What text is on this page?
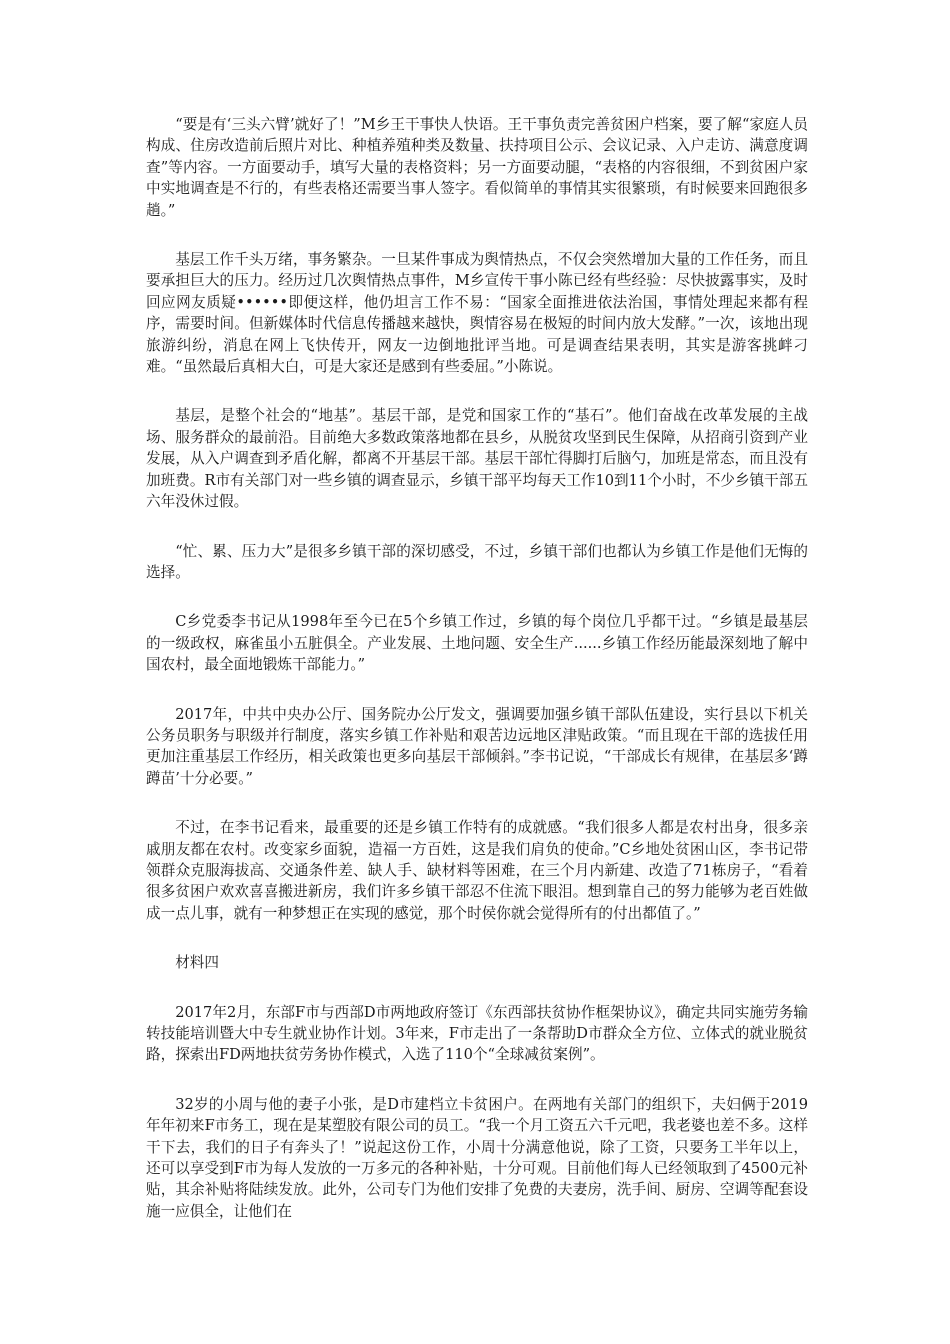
“要是有‘三头六臂’就好了！”M乡王干事快人快语。王干事负责完善贫困户档案，要了解“家庭人员构成、住房改造前后照片对比、种植养殖种类及数量、扶持项目公示、会议记录、入户走访、满意度调查”等内容。一方面要动手，填写大量的表格资料；另一方面要动腿，“表格的内容很细，不到贫困户家中实地调查是不行的，有些表格还需要当事人签字。看似简单的事情其实很繁琐，有时候要来回跑很多趟。”

基层工作千头万绪，事务繁杂。一旦某件事成为舆情热点，不仅会突然增加大量的工作任务，而且要承担巨大的压力。经历过几次舆情热点事件，M乡宣传干事小陈已经有些经验：尽快披露事实，及时回应网友质疑••••••即便这样，他仍坦言工作不易：“国家全面推进依法治国，事情处理起来都有程序，需要时间。但新媒体时代信息传播越来越快，舆情容易在极短的时间内放大发酵。”一次，该地出现旅游纠纷，消息在网上飞快传开，网友一边倒地批评当地。可是调查结果表明，其实是游客挑衅刁难。“虽然最后真相大白，可是大家还是感到有些委屈。”小陈说。

基层，是整个社会的“地基”。基层干部，是党和国家工作的“基石”。他们奋战在改革发展的主战场、服务群众的最前沿。目前绝大多数政策落地都在县乡，从脱贫攻坚到民生保障，从招商引资到产业发展，从入户调查到矛盾化解，都离不开基层干部。基层干部忙得脚打后脑勺，加班是常态，而且没有加班费。R市有关部门对一些乡镇的调查显示，乡镇干部平均每天工作10到11个小时，不少乡镇干部五六年没休过假。

“忙、累、压力大”是很多乡镇干部的深切感受，不过，乡镇干部们也都认为乡镇工作是他们无悔的选择。

C乡党委李书记从1998年至今已在5个乡镇工作过，乡镇的每个岗位几乎都干过。“乡镇是最基层的一级政权，麻雀虽小五脏俱全。产业发展、土地问题、安全生产......乡镇工作经历能最深刻地了解中国农村，最全面地锻炼干部能力。”

2017年，中共中央办公厅、国务院办公厅发文，强调要加强乡镇干部队伍建设，实行县以下机关公务员职务与职级并行制度，落实乡镇工作补贴和艰苦边远地区津贴政策。“而且现在干部的选拔任用更加注重基层工作经历，相关政策也更多向基层干部倾斜。”李书记说，“干部成长有规律，在基层多‘蹲蹲苗’十分必要。”

不过，在李书记看来，最重要的还是乡镇工作特有的成就感。“我们很多人都是农村出身，很多亲戚朋友都在农村。改变家乡面貌，造福一方百姓，这是我们肩负的使命。”C乡地处贫困山区，李书记带领群众克服海拔高、交通条件差、缺人手、缺材料等困难，在三个月内新建、改造了71栋房子，“看着很多贫困户欢欢喜喜搬进新房，我们许多乡镇干部忍不住流下眼泪。想到靠自己的努力能够为老百姓做成一点儿事，就有一种梦想正在实现的感觉，那个时侯你就会觉得所有的付出都值了。”

材料四

2017年2月，东部F市与西部D市两地政府签订《东西部扶贫协作框架协议》，确定共同实施劳务输转技能培训暨大中专生就业协作计划。3年来，F市走出了一条帮助D市群众全方位、立体式的就业脱贫路，探索出FD两地扶贫劳务协作模式，入选了110个“全球减贫案例”。

32岁的小周与他的妻子小张，是D市建档立卡贫困户。在两地有关部门的组织下，夫妇俩于2019年年初来F市务工，现在是某塑胶有限公司的员工。“我一个月工资五六千元吧，我老婆也差不多。这样干下去，我们的日子有奔头了！”说起这份工作，小周十分满意他说，除了工资，只要务工半年以上，还可以享受到F市为每人发放的一万多元的各种补贴，十分可观。目前他们每人已经领取到了4500元补贴，其余补贴将陆续发放。此外，公司专门为他们安排了免费的夫妻房，洗手间、厨房、空调等配套设施一应俱全，让他们在
